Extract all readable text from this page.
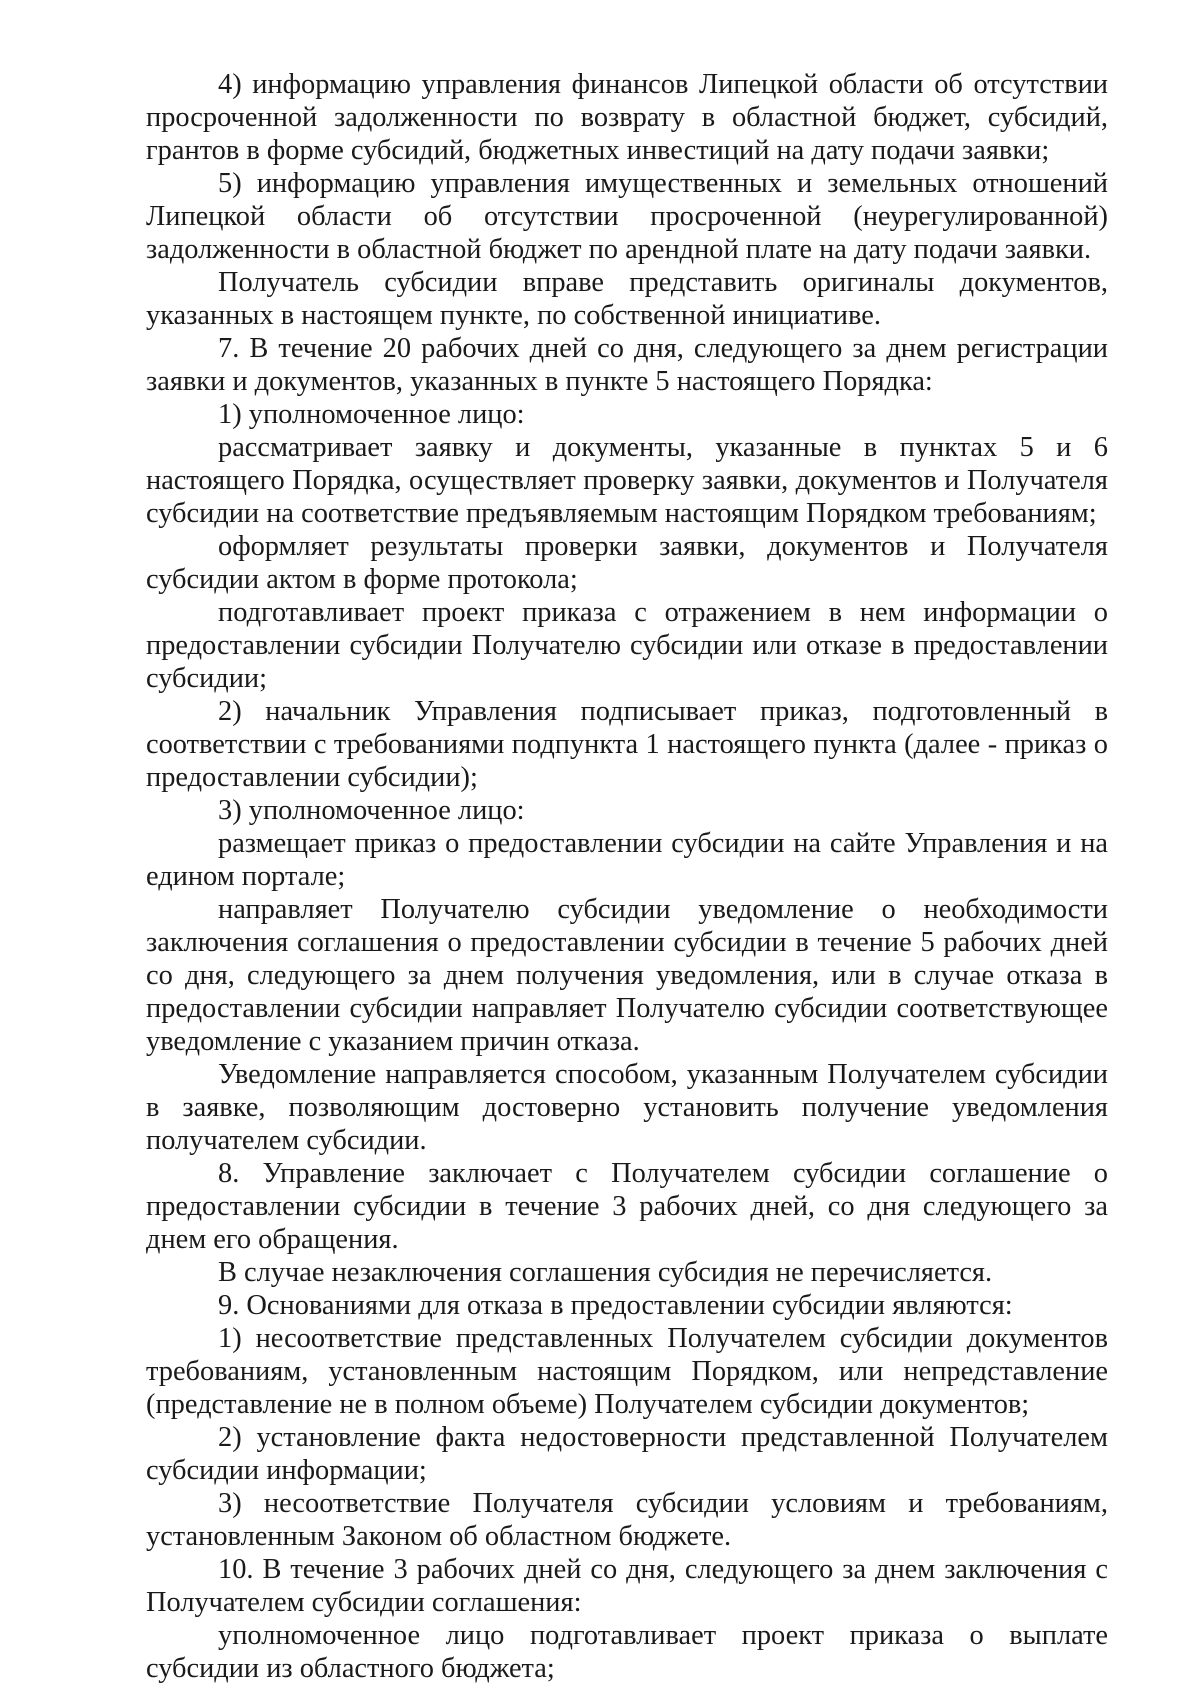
4) информацию управления финансов Липецкой области об отсутствии просроченной задолженности по возврату в областной бюджет, субсидий, грантов в форме субсидий, бюджетных инвестиций на дату подачи заявки;

5) информацию управления имущественных и земельных отношений Липецкой области об отсутствии просроченной (неурегулированной) задолженности в областной бюджет по арендной плате на дату подачи заявки.

Получатель субсидии вправе представить оригиналы документов, указанных в настоящем пункте, по собственной инициативе.

7. В течение 20 рабочих дней со дня, следующего за днем регистрации заявки и документов, указанных в пункте 5 настоящего Порядка:

1) уполномоченное лицо:

рассматривает заявку и документы, указанные в пунктах 5 и 6 настоящего Порядка, осуществляет проверку заявки, документов и Получателя субсидии на соответствие предъявляемым настоящим Порядком требованиям;

оформляет результаты проверки заявки, документов и Получателя субсидии актом в форме протокола;

подготавливает проект приказа с отражением в нем информации о предоставлении субсидии Получателю субсидии или отказе в предоставлении субсидии;

2) начальник Управления подписывает приказ, подготовленный в соответствии с требованиями подпункта 1 настоящего пункта (далее - приказ о предоставлении субсидии);

3) уполномоченное лицо:

размещает приказ о предоставлении субсидии на сайте Управления и на едином портале;

направляет Получателю субсидии уведомление о необходимости заключения соглашения о предоставлении субсидии в течение 5 рабочих дней со дня, следующего за днем получения уведомления, или в случае отказа в предоставлении субсидии направляет Получателю субсидии соответствующее уведомление с указанием причин отказа.

Уведомление направляется способом, указанным Получателем субсидии в заявке, позволяющим достоверно установить получение уведомления получателем субсидии.

8. Управление заключает с Получателем субсидии соглашение о предоставлении субсидии в течение 3 рабочих дней, со дня следующего за днем его обращения.

В случае незаключения соглашения субсидия не перечисляется.

9. Основаниями для отказа в предоставлении субсидии являются:

1) несоответствие представленных Получателем субсидии документов требованиям, установленным настоящим Порядком, или непредставление (представление не в полном объеме) Получателем субсидии документов;

2) установление факта недостоверности представленной Получателем субсидии информации;

3) несоответствие Получателя субсидии условиям и требованиям, установленным Законом об областном бюджете.

10. В течение 3 рабочих дней со дня, следующего за днем заключения с Получателем субсидии соглашения:

уполномоченное лицо подготавливает проект приказа о выплате субсидии из областного бюджета;
